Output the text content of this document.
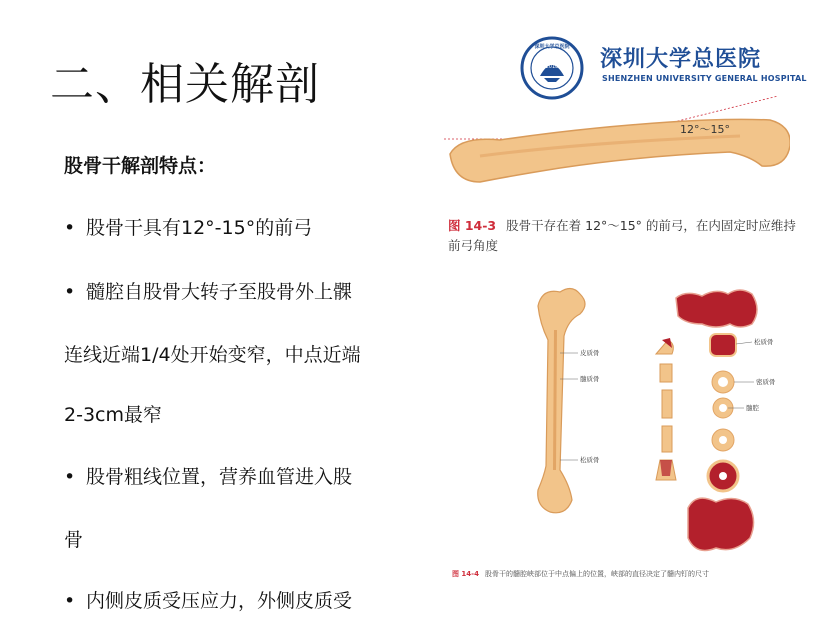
二、相关解剖
股骨干解剖特点：
• 股骨干具有12°-15°的前弓
• 髓腔自股骨大转子至股骨外上髁
连线近端1/4处开始变窄，中点近端
2-3cm最窄
• 股骨粗线位置，营养血管进入股
骨
• 内侧皮质受压应力，外侧皮质受
深圳大学总医院
2018 深圳大学总医院
SHENZHEN UNIVERSITY GENERAL HOSPITAL
12°～15°
图 14-3 股骨干存在着 12°～15° 的前弓，在内固定时应维持前弓角度
皮质骨
髓质骨
松质骨
松质骨
密质骨
髓腔
图 14-4 股骨干的髓腔峡部位于中点偏上的位置，峡部的直径决定了髓内钉的尺寸
